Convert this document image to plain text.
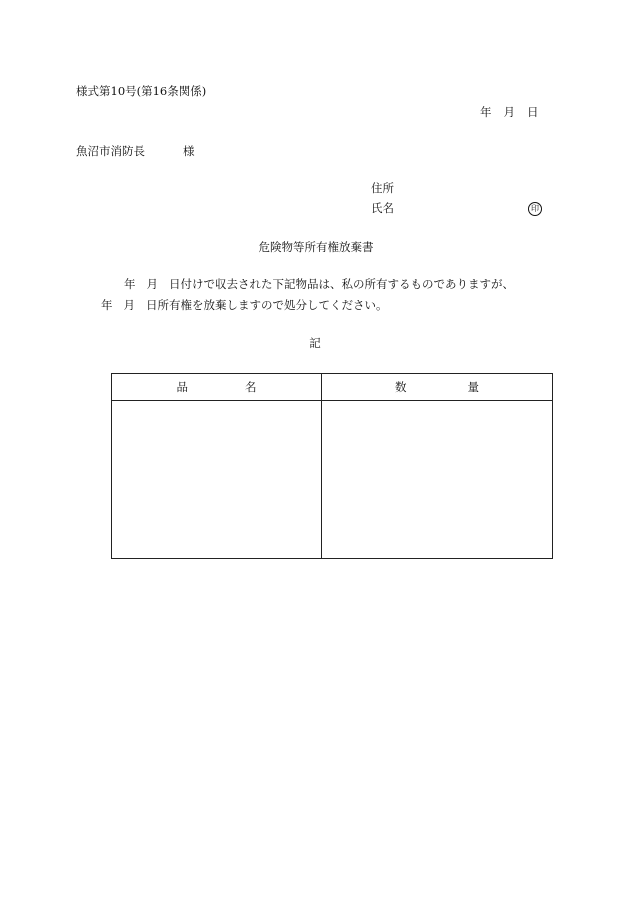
様式第10号(第16条関係)
年 月 日
魚沼市消防長	様
住所
氏名	印
危険物等所有権放棄書
年 月 日付けで収去された下記物品は、私の所有するものでありますが、
年 月 日所有権を放棄しますので処分してください。
記
品 名	数 量
